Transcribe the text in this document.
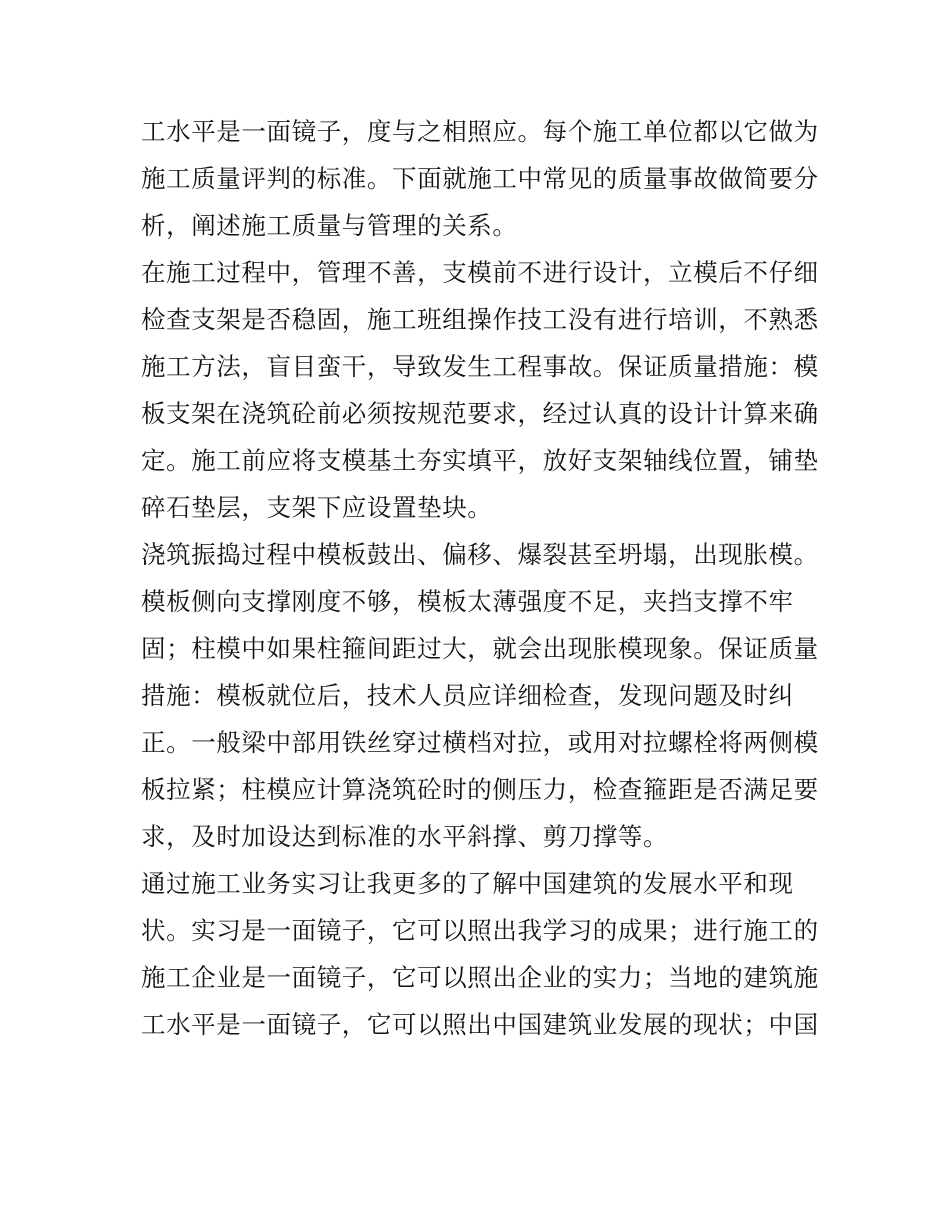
工水平是一面镜子，度与之相照应。每个施工单位都以它做为
施工质量评判的标准。下面就施工中常见的质量事故做简要分
析，阐述施工质量与管理的关系。
在施工过程中，管理不善，支模前不进行设计，立模后不仔细
检查支架是否稳固，施工班组操作技工没有进行培训，不熟悉
施工方法，盲目蛮干，导致发生工程事故。保证质量措施：模
板支架在浇筑砼前必须按规范要求，经过认真的设计计算来确
定。施工前应将支模基土夯实填平，放好支架轴线位置，铺垫
碎石垫层，支架下应设置垫块。
浇筑振捣过程中模板鼓出、偏移、爆裂甚至坍塌，出现胀模。
模板侧向支撑刚度不够，模板太薄强度不足，夹挡支撑不牢
固；柱模中如果柱箍间距过大，就会出现胀模现象。保证质量
措施：模板就位后，技术人员应详细检查，发现问题及时纠
正。一般梁中部用铁丝穿过横档对拉，或用对拉螺栓将两侧模
板拉紧；柱模应计算浇筑砼时的侧压力，检查箍距是否满足要
求，及时加设达到标准的水平斜撑、剪刀撑等。
通过施工业务实习让我更多的了解中国建筑的发展水平和现
状。实习是一面镜子，它可以照出我学习的成果；进行施工的
施工企业是一面镜子，它可以照出企业的实力；当地的建筑施
工水平是一面镜子，它可以照出中国建筑业发展的现状；中国
